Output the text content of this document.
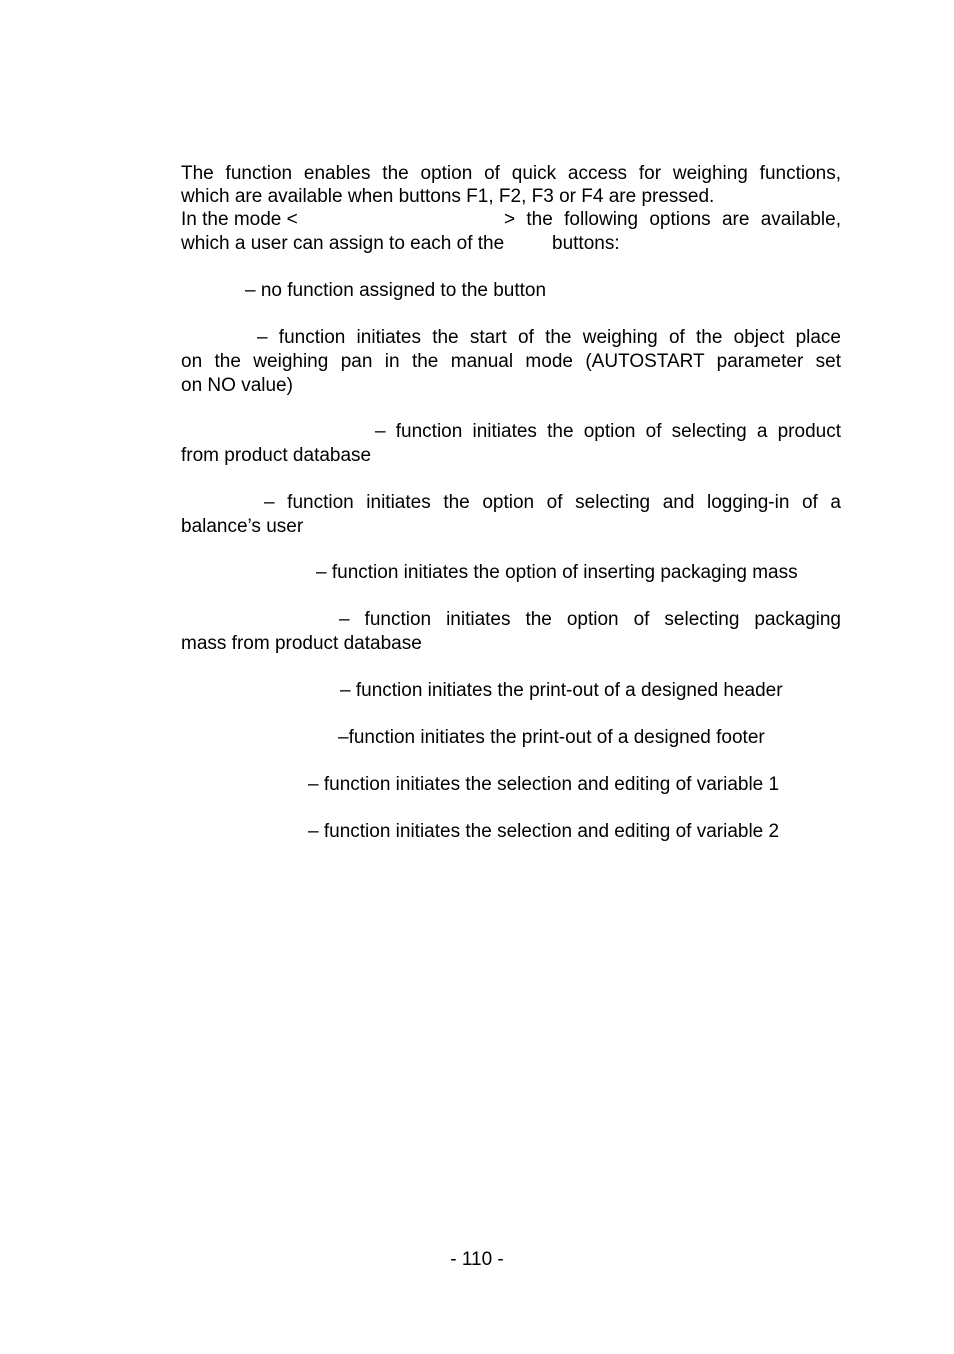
The function enables the option of quick access for weighing functions,
which are available when buttons F1, F2, F3 or F4 are pressed.
In the mode <	> the following options are available,
which a user can assign to each of the	buttons:
– no function assigned to the button
– function initiates the start of the weighing of the object place
on the weighing pan in the manual mode (AUTOSTART parameter set
on NO value)
– function initiates the option of selecting a product
from product database
– function initiates the option of selecting and logging-in of a
balance’s user
– function initiates the option of inserting packaging mass
– function initiates the option of selecting packaging
mass from product database
– function initiates the print-out of a designed header
–function initiates the print-out of a designed footer
– function initiates the selection and editing of variable 1
– function initiates the selection and editing of variable 2
- 110 -
